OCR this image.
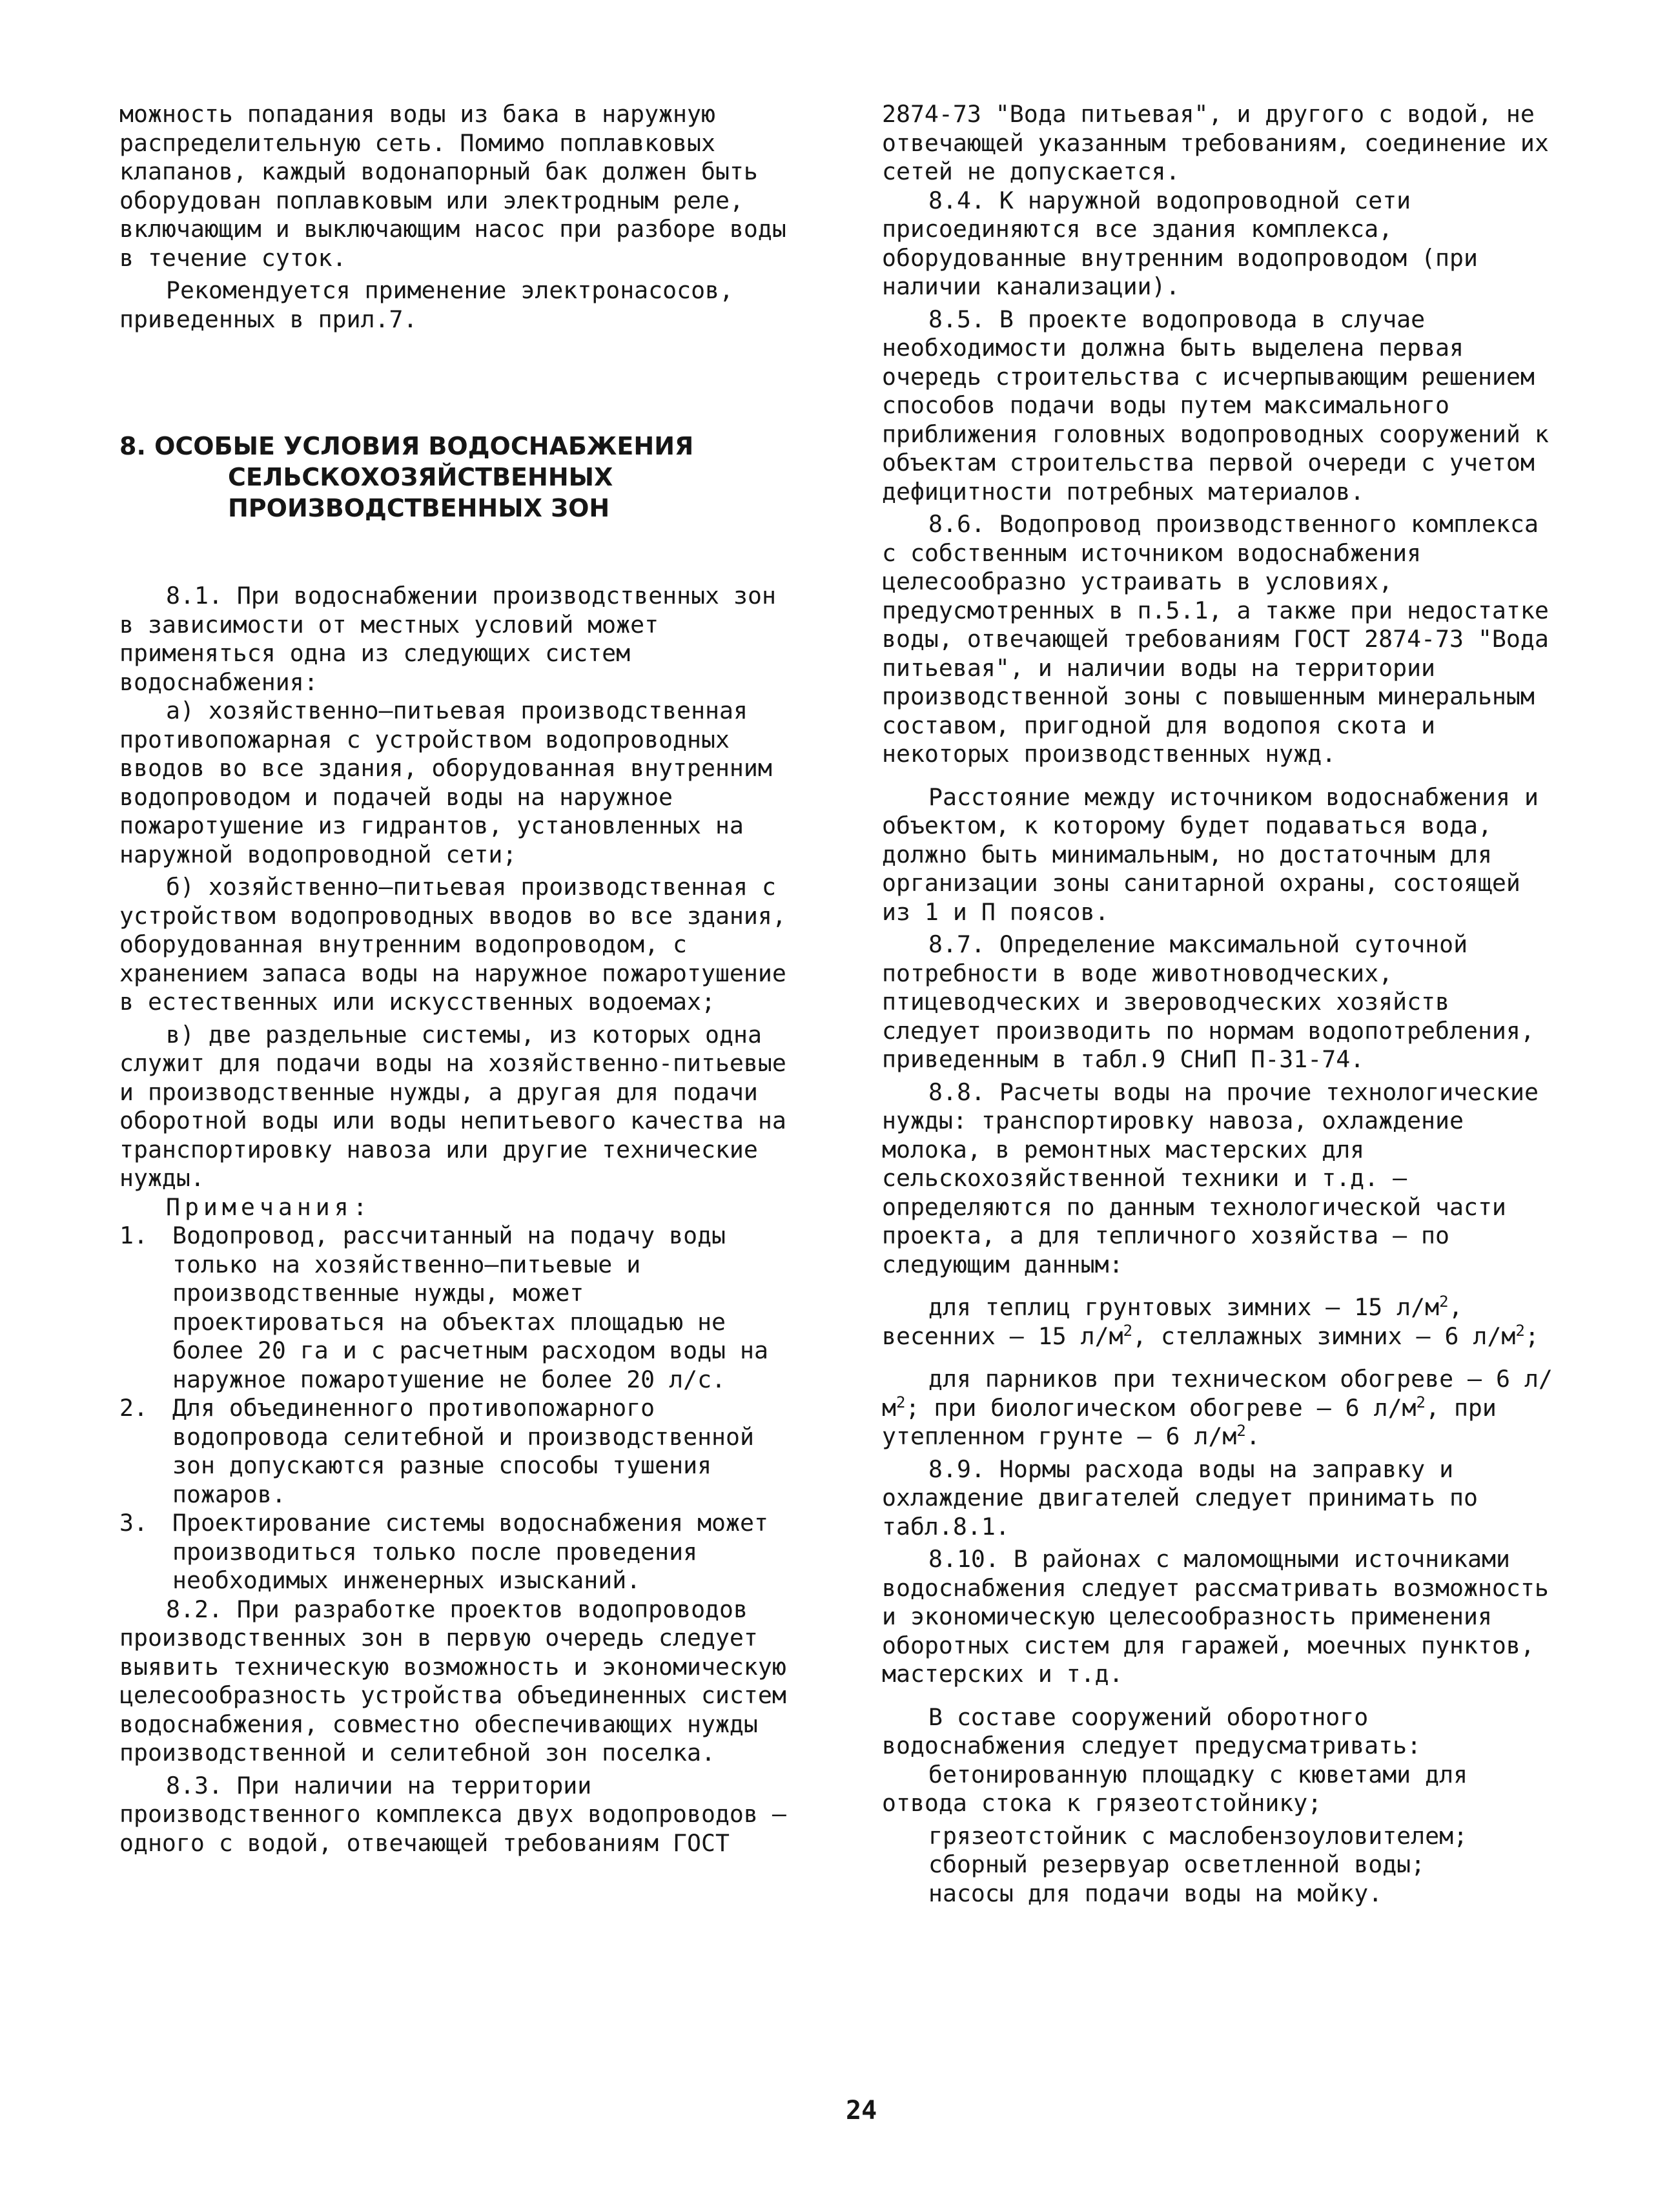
можность попадания воды из бака в наружную распределительную сеть. Помимо поплавковых клапанов, каждый водонапорный бак должен быть оборудован поплавковым или электродным реле, включающим и выключающим насос при разборе воды в течение суток.

Рекомендуется применение электронасосов, приведенных в прил.7.

8. ОСОБЫЕ УСЛОВИЯ ВОДОСНАБЖЕНИЯ
СЕЛЬСКОХОЗЯЙСТВЕННЫХ
ПРОИЗВОДСТВЕННЫХ ЗОН

8.1. При водоснабжении производственных зон в зависимости от местных условий может применяться одна из следующих систем водоснабжения:

а) хозяйственно–питьевая производственная противопожарная с устройством водопроводных вводов во все здания, оборудованная внутренним водопроводом и подачей воды на наружное пожаротушение из гидрантов, установленных на наружной водопроводной сети;

б) хозяйственно–питьевая производственная с устройством водопроводных вводов во все здания, оборудованная внутренним водопроводом, с хранением запаса воды на наружное пожаротушение в естественных или искусственных водоемах;

в) две раздельные системы, из которых одна служит для подачи воды на хозяйственно-питьевые и производственные нужды, а другая для подачи оборотной воды или воды непитьевого качества на транспортировку навоза или другие технические нужды.

Примечания:

1. Водопровод, рассчитанный на подачу воды только на хозяйственно–питьевые и производственные нужды, может проектироваться на объектах площадью не более 20 га и с расчетным расходом воды на наружное пожаротушение не более 20 л/с.
2. Для объединенного противопожарного водопровода селитебной и производственной зон допускаются разные способы тушения пожаров.
3. Проектирование системы водоснабжения может производиться только после проведения необходимых инженерных изысканий.

8.2. При разработке проектов водопроводов производственных зон в первую очередь следует выявить техническую возможность и экономическую целесообразность устройства объединенных систем водоснабжения, совместно обеспечивающих нужды производственной и селитебной зон поселка.

8.3. При наличии на территории производственного комплекса двух водопроводов – одного с водой, отвечающей требованиям ГОСТ

2874-73 "Вода питьевая", и другого с водой, не отвечающей указанным требованиям, соединение их сетей не допускается.

8.4. К наружной водопроводной сети присоединяются все здания комплекса, оборудованные внутренним водопроводом (при наличии канализации).

8.5. В проекте водопровода в случае необходимости должна быть выделена первая очередь строительства с исчерпывающим решением способов подачи воды путем максимального приближения головных водопроводных сооружений к объектам строительства первой очереди с учетом дефицитности потребных материалов.

8.6. Водопровод производственного комплекса с собственным источником водоснабжения целесообразно устраивать в условиях, предусмотренных в п.5.1, а также при недостатке воды, отвечающей требованиям ГОСТ 2874-73 "Вода питьевая", и наличии воды на территории производственной зоны с повышенным минеральным составом, пригодной для водопоя скота и некоторых производственных нужд.

Расстояние между источником водоснабжения и объектом, к которому будет подаваться вода, должно быть минимальным, но достаточным для организации зоны санитарной охраны, состоящей из 1 и П поясов.

8.7. Определение максимальной суточной потребности в воде животноводческих, птицеводческих и звероводческих хозяйств следует производить по нормам водопотребления, приведенным в табл.9 СНиП П-31-74.

8.8. Расчеты воды на прочие технологические нужды: транспортировку навоза, охлаждение молока, в ремонтных мастерских для сельскохозяйственной техники и т.д. – определяются по данным технологической части проекта, а для тепличного хозяйства – по следующим данным:

для теплиц грунтовых зимних – 15 $л/м^2$, весенних – 15 $л/м^2$, стеллажных зимних – 6 $л/м^2$;

для парников при техническом обогреве – 6 $л/м^2$; при биологическом обогреве – 6 $л/м^2$, при утепленном грунте – 6 $л/м^2$.

8.9. Нормы расхода воды на заправку и охлаждение двигателей следует принимать по табл.8.1.

8.10. В районах с маломощными источниками водоснабжения следует рассматривать возможность и экономическую целесообразность применения оборотных систем для гаражей, моечных пунктов, мастерских и т.д.

В составе сооружений оборотного водоснабжения следует предусматривать:

бетонированную площадку с кюветами для отвода стока к грязеотстойнику;

грязеотстойник с маслобензоуловителем;

сборный резервуар осветленной воды;

насосы для подачи воды на мойку.

24
